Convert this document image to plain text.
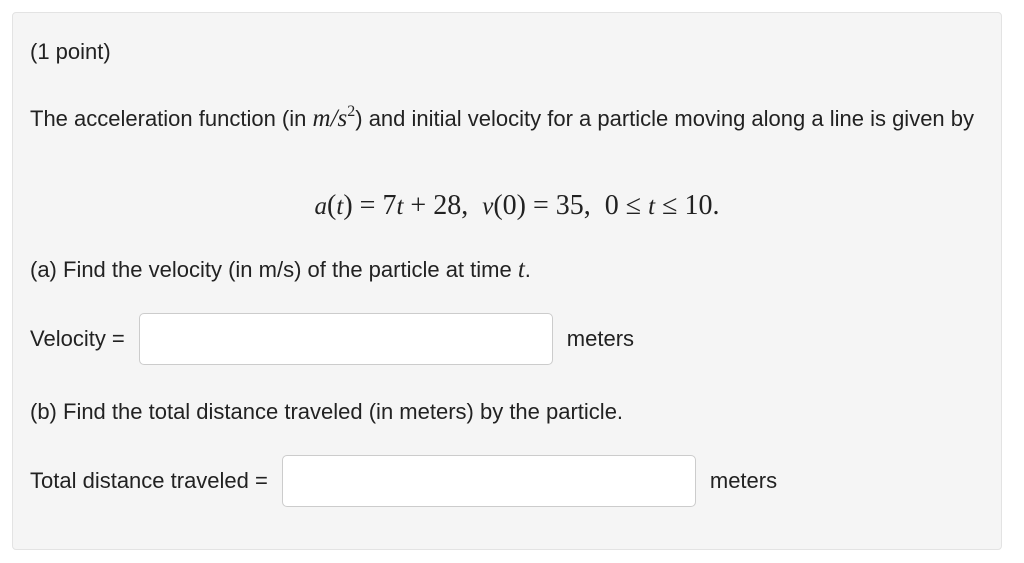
(1 point)
The acceleration function (in $m/s^2$) and initial velocity for a particle moving along a line is given by
a(t) = 7t + 28,  v(0) = 35,  0 ≤ t ≤ 10.
(a) Find the velocity (in m/s) of the particle at time t.
Velocity =	meters
(b) Find the total distance traveled (in meters) by the particle.
Total distance traveled =	meters
